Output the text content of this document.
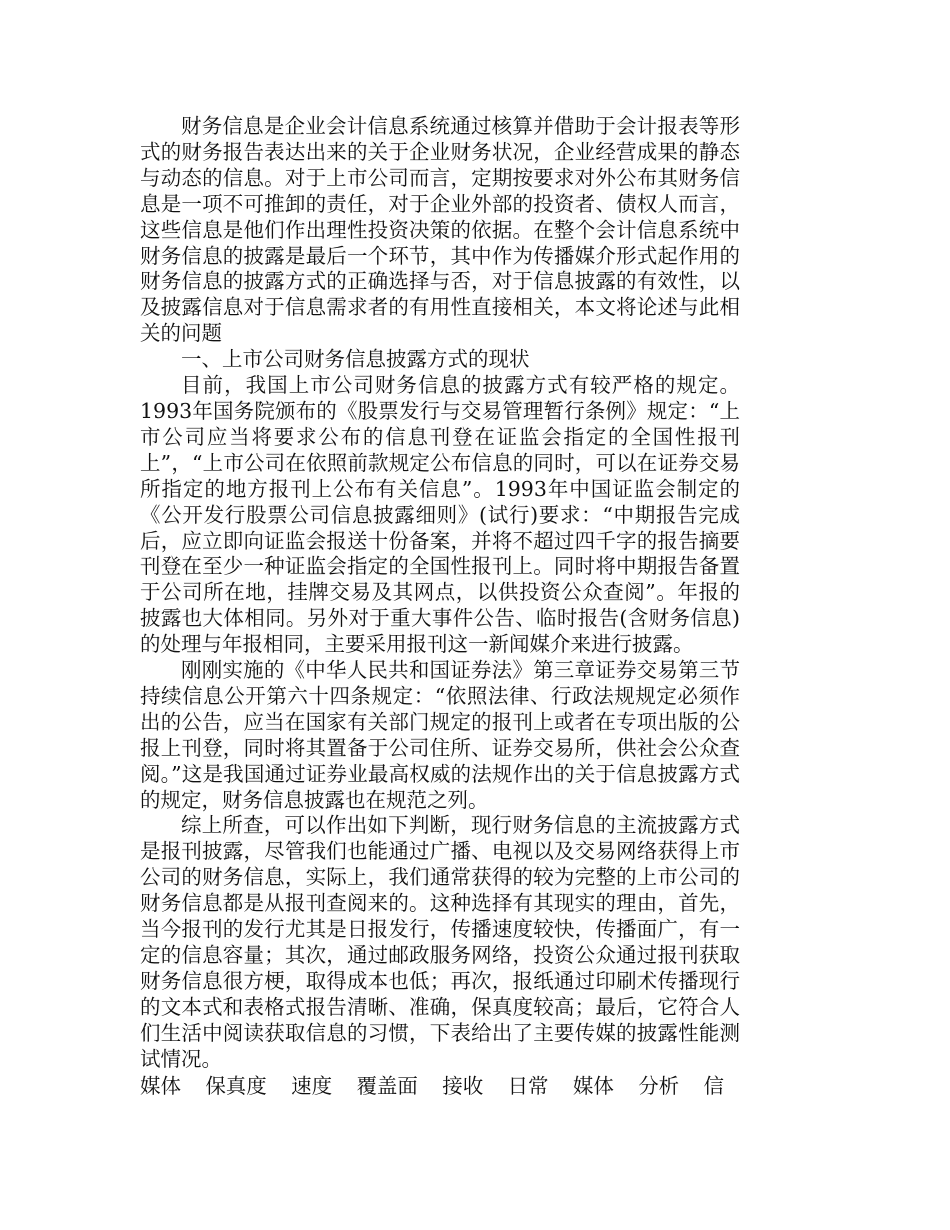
财务信息是企业会计信息系统通过核算并借助于会计报表等形式的财务报告表达出来的关于企业财务状况，企业经营成果的静态与动态的信息。对于上市公司而言，定期按要求对外公布其财务信息是一项不可推卸的责任，对于企业外部的投资者、债权人而言，这些信息是他们作出理性投资决策的依据。在整个会计信息系统中财务信息的披露是最后一个环节，其中作为传播媒介形式起作用的财务信息的披露方式的正确选择与否，对于信息披露的有效性，以及披露信息对于信息需求者的有用性直接相关，本文将论述与此相关的问题

一、上市公司财务信息披露方式的现状

目前，我国上市公司财务信息的披露方式有较严格的规定。1993年国务院颁布的《股票发行与交易管理暂行条例》规定：“上市公司应当将要求公布的信息刊登在证监会指定的全国性报刊上”，“上市公司在依照前款规定公布信息的同时，可以在证券交易所指定的地方报刊上公布有关信息”。1993年中国证监会制定的《公开发行股票公司信息披露细则》(试行)要求：“中期报告完成后，应立即向证监会报送十份备案，并将不超过四千字的报告摘要刊登在至少一种证监会指定的全国性报刊上。同时将中期报告备置于公司所在地，挂牌交易及其网点，以供投资公众查阅”。年报的披露也大体相同。另外对于重大事件公告、临时报告(含财务信息)的处理与年报相同，主要采用报刊这一新闻媒介来进行披露。

刚刚实施的《中华人民共和国证券法》第三章证券交易第三节持续信息公开第六十四条规定：“依照法律、行政法规规定必须作出的公告，应当在国家有关部门规定的报刊上或者在专项出版的公报上刊登，同时将其置备于公司住所、证券交易所，供社会公众查阅。”这是我国通过证券业最高权威的法规作出的关于信息披露方式的规定，财务信息披露也在规范之列。

综上所查，可以作出如下判断，现行财务信息的主流披露方式是报刊披露，尽管我们也能通过广播、电视以及交易网络获得上市公司的财务信息，实际上，我们通常获得的较为完整的上市公司的财务信息都是从报刊查阅来的。这种选择有其现实的理由，首先，当今报刊的发行尤其是日报发行，传播速度较快，传播面广，有一定的信息容量；其次，通过邮政服务网络，投资公众通过报刊获取财务信息很方梗，取得成本也低；再次，报纸通过印刷术传播现行的文本式和表格式报告清晰、准确，保真度较高；最后，它符合人们生活中阅读获取信息的习惯，下表给出了主要传媒的披露性能测试情况。

媒体 保真度 速度 覆盖面 接收 日常 媒体 分析 信
